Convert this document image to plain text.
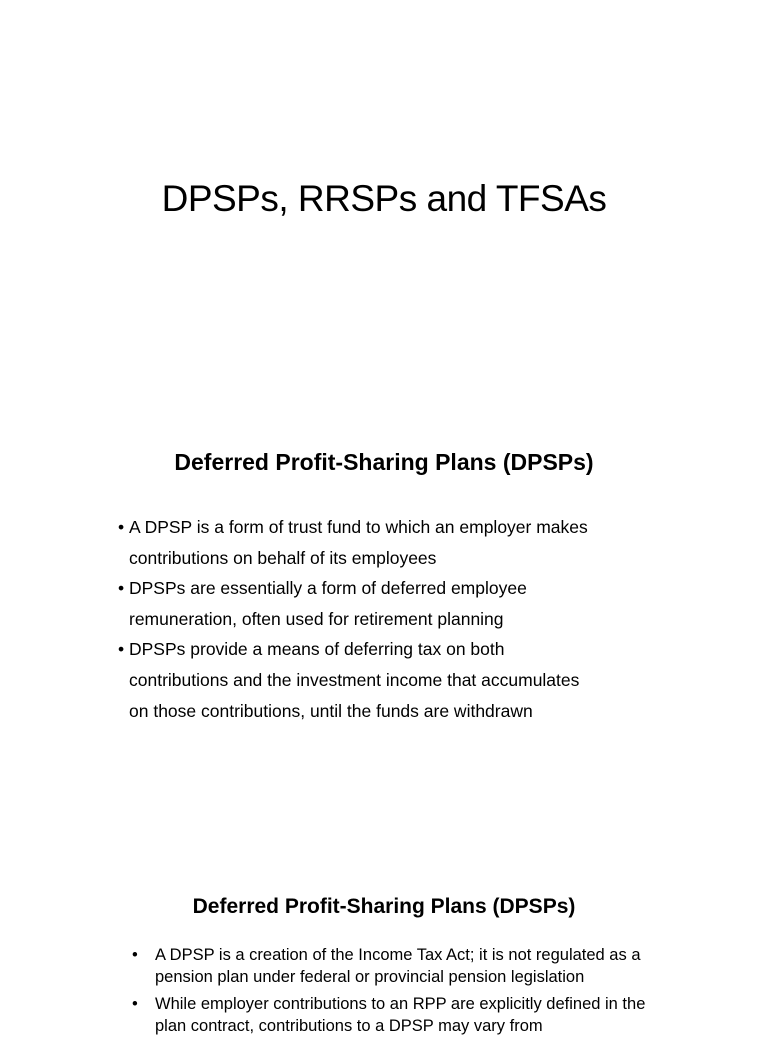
DPSPs, RRSPs and TFSAs
Deferred Profit-Sharing Plans (DPSPs)
• A DPSP is a form of trust fund to which an employer makes contributions on behalf of its employees
• DPSPs are essentially a form of deferred employee remuneration, often used for retirement planning
• DPSPs provide a means of deferring tax on both contributions and the investment income that accumulates on those contributions, until the funds are withdrawn
Deferred Profit-Sharing Plans (DPSPs)
• A DPSP is a creation of the Income Tax Act; it is not regulated as a pension plan under federal or provincial pension legislation
• While employer contributions to an RPP are explicitly defined in the plan contract, contributions to a DPSP may vary from
